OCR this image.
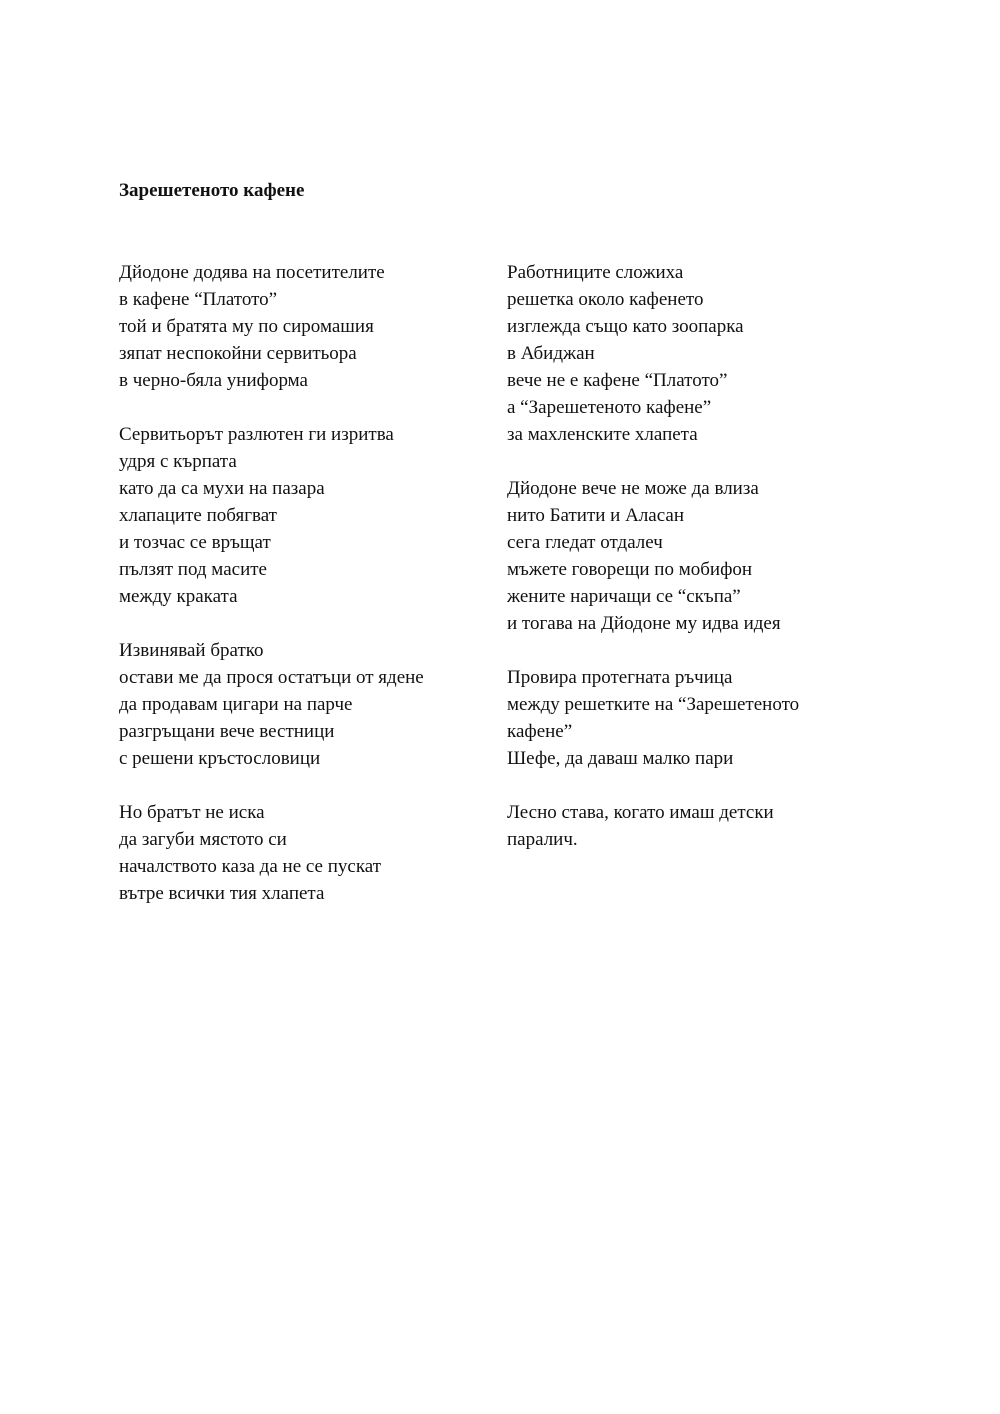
Зарешетеното кафене
Дйодоне додява на посетителите
в кафене “Платото”
той и братята му по сиромашия
зяпат неспокойни сервитьора
в черно-бяла униформа
Сервитьорът разлютен ги изритва
удря с кърпата
като да са мухи на пазара
хлапаците побягват
и тозчас се връщат
пълзят под масите
между краката
Извинявай братко
остави ме да прося остатъци от ядене
да продавам цигари на парче
разгръщани вече вестници
с решени кръстословици
Но братът не иска
да загуби мястото си
началството каза да не се пускат
вътре всички тия хлапета
Работниците сложиха
решетка около кафенето
изглежда също като зоопарка
в Абиджан
вече не е кафене “Платото”
а “Зарешетеното кафене”
за махленските хлапета
Дйодоне вече не може да влиза
нито Батити и Аласан
сега гледат отдалеч
мъжете говорещи по мобифон
жените наричащи се “скъпа”
и тогава на Дйодоне му идва идея
Провира протегната ръчица
между решетките на “Зарешетеното
кафене”
Шефе, да даваш малко пари
Лесно става, когато имаш детски
паралич.
